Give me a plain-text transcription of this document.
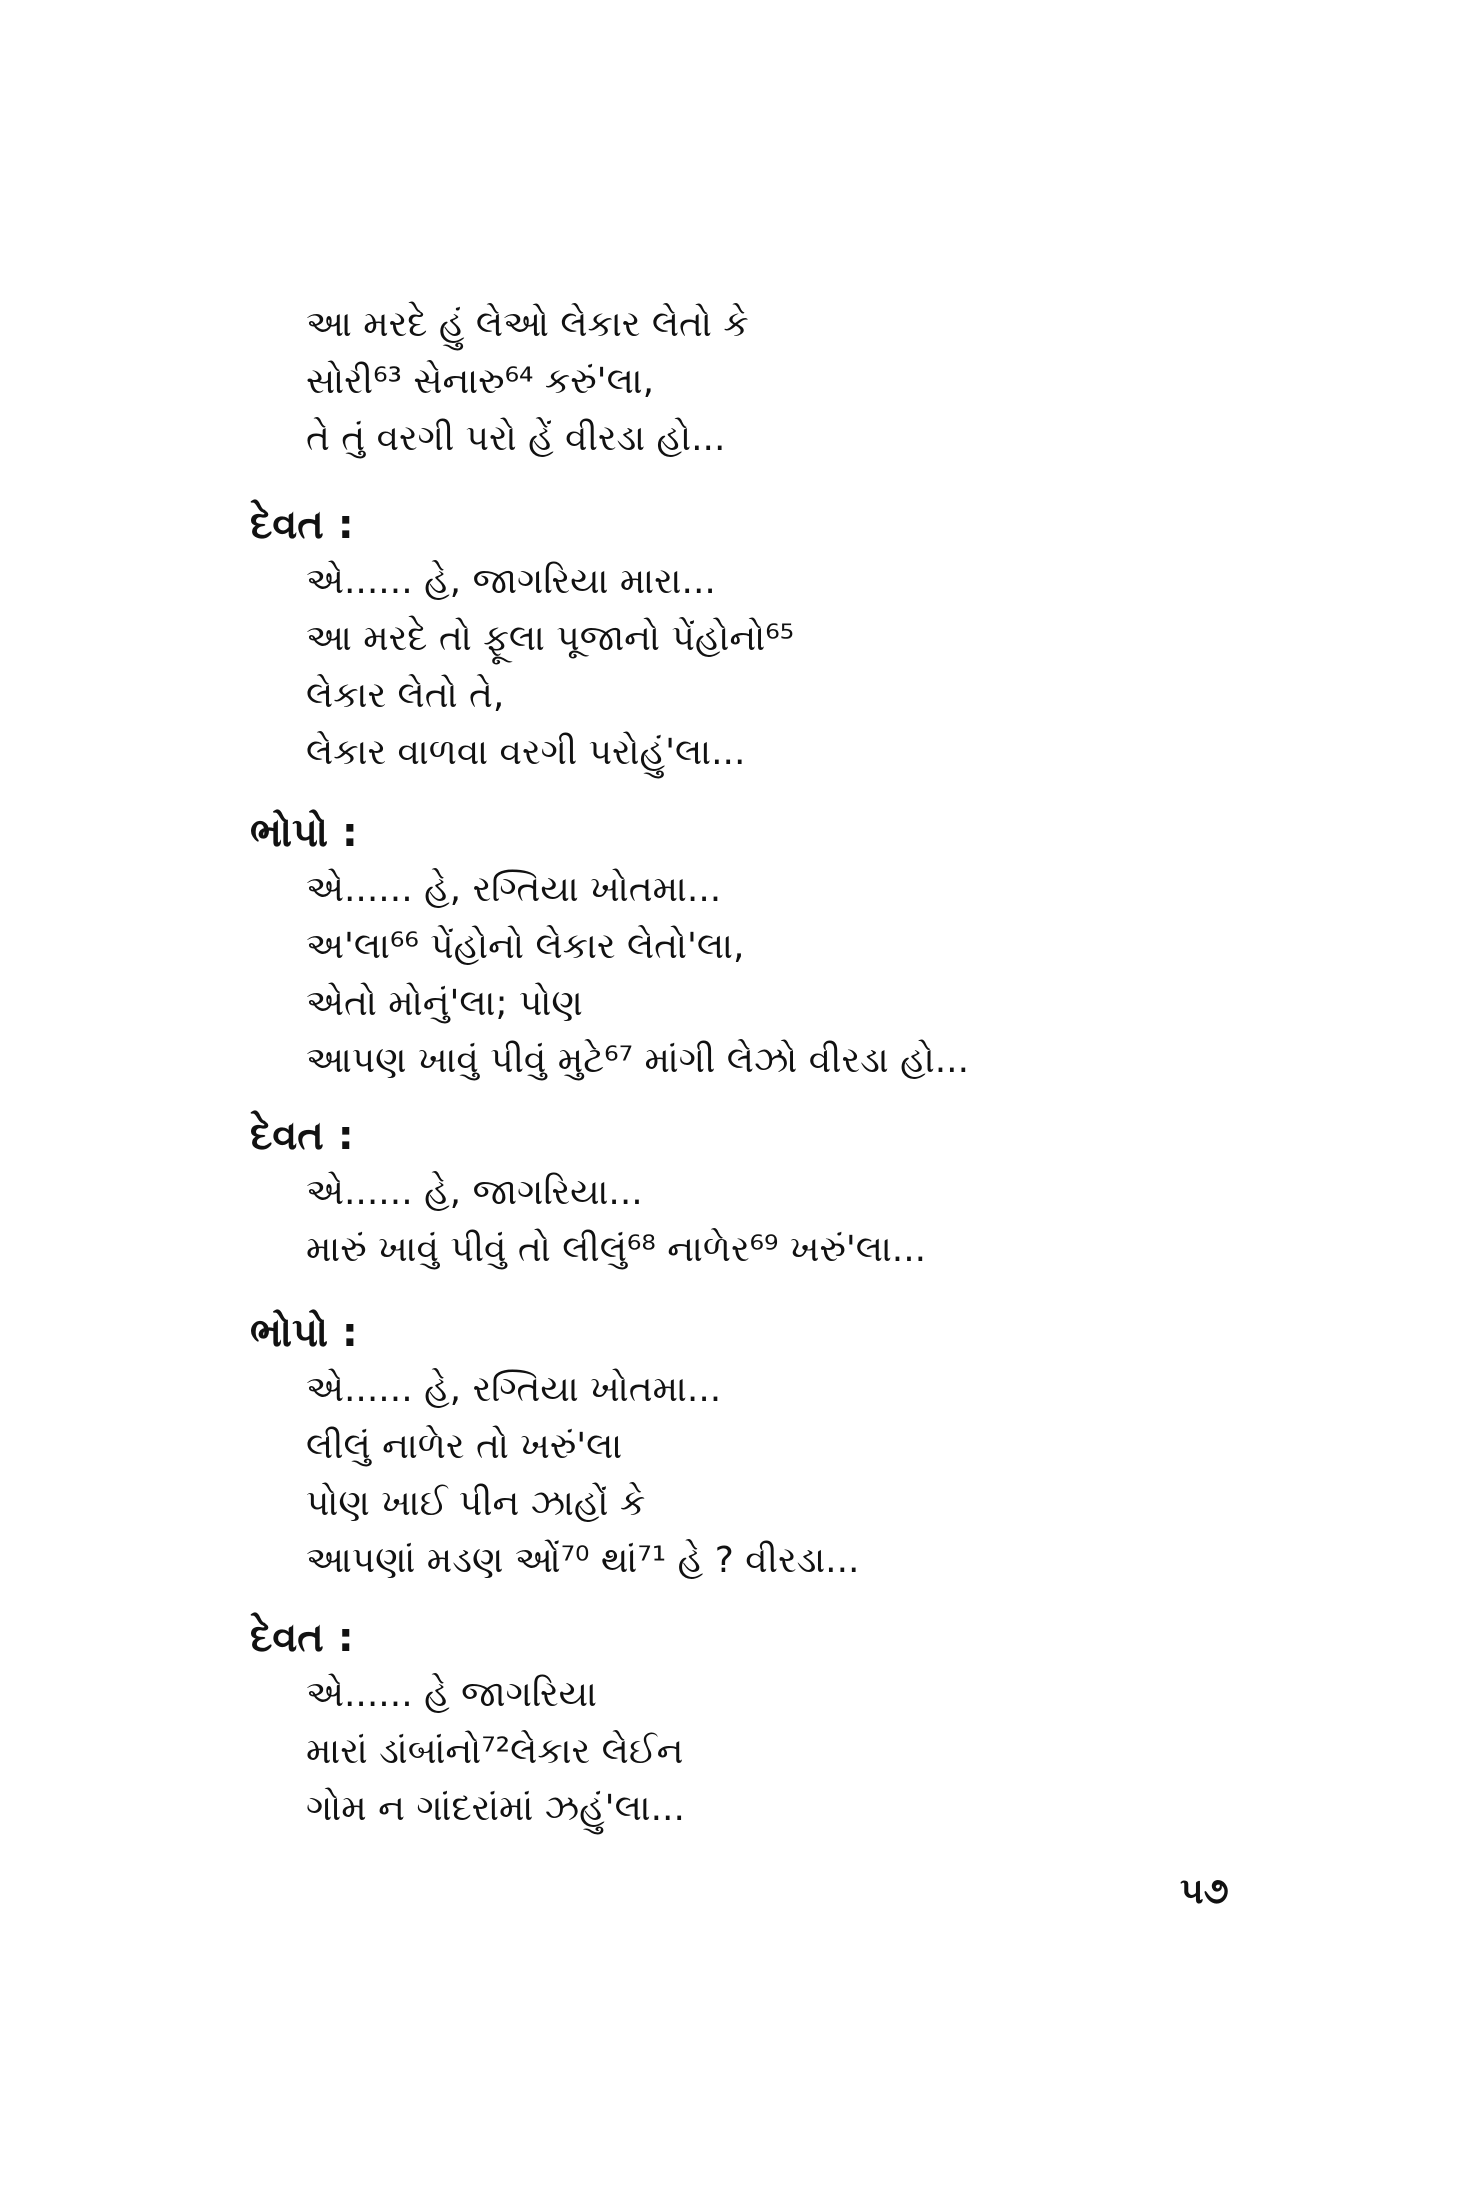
આ મરદે હું લેઓ લેકાર લેતો કે
સોરી⁶³ સેનારુ⁶⁴ કરું'લા,
તે તું વરગી પરો હેં વીરડા હો...
દેવત :
એ...... હે, જાગરિયા મારા...
આ મરદે તો ફૂલા પૂજાનો પેંહોનો⁶⁵
લેકાર લેતો તે,
લેકાર વાળવા વરગી પરોહું'લા...
ભોપો :
એ...... હે, રગ્તિયા ખોતમા...
અ'લા⁶⁶ પેંહોનો લેકાર લેતો'લા,
એતો મોનું'લા; પોણ
આપણ ખાવું પીવું મુટે⁶⁷ માંગી લેઝો વીરડા હો...
દેવત :
એ...... હે, જાગરિયા...
મારું ખાવું પીવું તો લીલું⁶⁸ નાળેર⁶⁹ ખરું'લા...
ભોપો :
એ...... હે, રગ્તિયા ખોતમા...
લીલું નાળેર તો ખરું'લા
પોણ ખાઈ પીન ઝાહોં કે
આપણાં મડણ ઓં⁷⁰ થાં⁷¹ હે ? વીરડા...
દેવત :
એ...... હે જાગરિયા
મારાં ડાંબાંનો⁷²લેકાર લેઈન
ગોમ ન ગાંદરાંમાં ઝહું'લા...
૫૭
